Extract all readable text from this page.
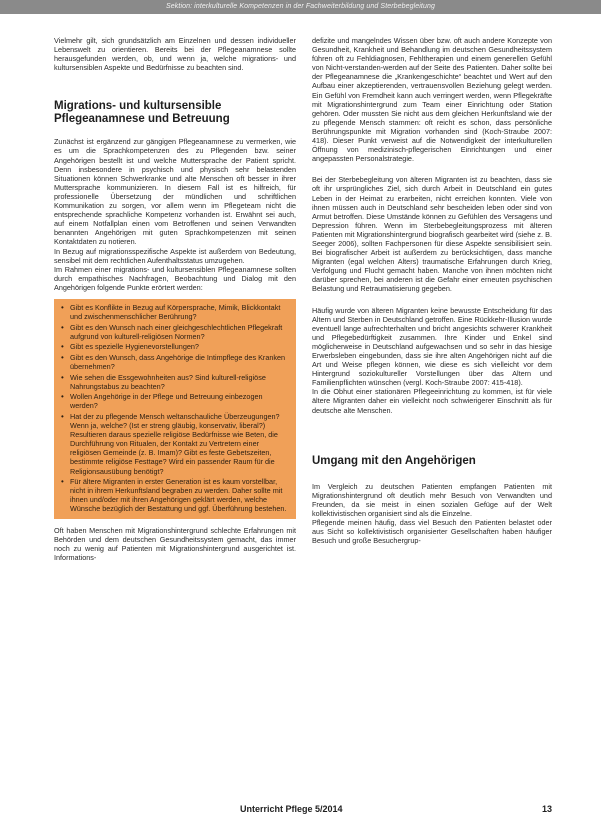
Sektion: interkulturelle Kompetenzen in der Fachweiterbildung und Sterbebegleitung

Vielmehr gilt, sich grundsätzlich am Einzelnen und dessen individueller Lebenswelt zu orientieren. Bereits bei der Pflegeanamnese sollte herausgefunden werden, ob, und wenn ja, welche migrations- und kultursensiblen Aspekte und Bedürfnisse zu beachten sind.

Migrations- und kultursensible Pflegeanamnese und Betreuung

Zunächst ist ergänzend zur gängigen Pflegeanamnese zu vermerken, wie es um die Sprachkompetenzen des zu Pflegenden bzw. seiner Angehörigen bestellt ist und welche Muttersprache der Patient spricht. Denn insbesondere in psychisch und physisch sehr belastenden Situationen können Schwerkranke und alte Menschen oft besser in ihrer Muttersprache kommunizieren. In diesem Fall ist es hilfreich, für professionelle Übersetzung der mündlichen und schriftlichen Kommunikation zu sorgen, vor allem wenn im Pflegeteam nicht die entsprechende sprachliche Kompetenz vorhanden ist. Erwähnt sei auch, auf einem Notfallplan einen vom Betroffenen und seinen Verwandten benannten Angehörigen mit guten Sprachkompetenzen mit seinen Kontaktdaten zu notieren.

In Bezug auf migrationsspezifische Aspekte ist außerdem von Bedeutung, sensibel mit dem rechtlichen Aufenthaltsstatus umzugehen.

Im Rahmen einer migrations- und kultursensiblen Pflegeanamnese sollten durch empathisches Nachfragen, Beobachtung und Dialog mit den Angehörigen folgende Punkte erörtert werden:

• Gibt es Konflikte in Bezug auf Körpersprache, Mimik, Blickkontakt und zwischenmenschlicher Berührung?
• Gibt es den Wunsch nach einer gleichgeschlechtlichen Pflegekraft aufgrund von kulturell-religiösen Normen?
• Gibt es spezielle Hygienevorstellungen?
• Gibt es den Wunsch, dass Angehörige die Intimpflege des Kranken übernehmen?
• Wie sehen die Essgewohnheiten aus? Sind kulturell-religiöse Nahrungstabus zu beachten?
• Wollen Angehörige in der Pflege und Betreuung einbezogen werden?
• Hat der zu pflegende Mensch weltanschauliche Überzeugungen? Wenn ja, welche? (Ist er streng gläubig, konservativ, liberal?) Resultieren daraus spezielle religiöse Bedürfnisse wie Beten, die Durchführung von Ritualen, der Kontakt zu Vertretern einer religiösen Gemeinde (z. B. Imam)? Gibt es feste Gebetszeiten, bestimmte religiöse Festtage? Wird ein passender Raum für die Religionsausübung benötigt?
• Für ältere Migranten in erster Generation ist es kaum vorstellbar, nicht in ihrem Herkunftsland begraben zu werden. Daher sollte mit ihnen und/oder mit ihren Angehörigen geklärt werden, welche Wünsche bezüglich der Bestattung und ggf. Überführung bestehen.

Oft haben Menschen mit Migrationshintergrund schlechte Erfahrungen mit Behörden und dem deutschen Gesundheitssystem gemacht, das immer noch zu wenig auf Patienten mit Migrationshintergrund ausgerichtet ist. Informations-

defizite und mangelndes Wissen über bzw. oft auch andere Konzepte von Gesundheit, Krankheit und Behandlung im deutschen Gesundheitssystem führen oft zu Fehldiagnosen, Fehltherapien und einem generellen Gefühl von Nicht-verstanden-werden auf der Seite des Patienten. Daher sollte bei der Pflegeanamnese die „Krankengeschichte“ beachtet und Wert auf den Aufbau einer akzeptierenden, vertrauensvollen Beziehung gelegt werden. Ein Gefühl von Fremdheit kann auch verringert werden, wenn Pflegekräfte mit Migrationshintergrund zum Team einer Einrichtung oder Station gehören. Oder mussten Sie nicht aus dem gleichen Herkunftsland wie der zu pflegende Mensch stammen: oft reicht es schon, dass persönliche Berührungspunkte mit Migration vorhanden sind (Koch-Straube 2007: 418). Dieser Punkt verweist auf die Notwendigkeit der interkulturellen Öffnung von medizinisch-pflegerischen Einrichtungen und einer angepassten Personalstrategie.

Bei der Sterbebegleitung von älteren Migranten ist zu beachten, dass sie oft ihr ursprüngliches Ziel, sich durch Arbeit in Deutschland ein gutes Leben in der Heimat zu erarbeiten, nicht erreichen konnten. Viele von ihnen müssen auch in Deutschland sehr bescheiden leben oder sind von Armut betroffen. Diese Umstände können zu Gefühlen des Versagens und Depression führen. Wenn im Sterbebegleitungsprozess mit älteren Patienten mit Migrationshintergrund biografisch gearbeitet wird (siehe z. B. Seeger 2006), sollten Fachpersonen für diese Aspekte sensibilisiert sein. Bei biografischer Arbeit ist außerdem zu berücksichtigen, dass manche Migranten (egal welchen Alters) traumatische Erfahrungen durch Krieg, Verfolgung und Flucht gemacht haben. Manche von ihnen möchten nicht darüber sprechen, bei anderen ist die Gefahr einer erneuten psychischen Belastung und Retraumatisierung gegeben.

Häufig wurde von älteren Migranten keine bewusste Entscheidung für das Altern und Sterben in Deutschland getroffen. Eine Rückkehr-Illusion wurde eventuell lange aufrechterhalten und bricht angesichts schwerer Krankheit und Pflegebedürftigkeit zusammen. Ihre Kinder und Enkel sind möglicherweise in Deutschland aufgewachsen und so sehr in das hiesige Erwerbsleben eingebunden, dass sie ihre alten Angehörigen nicht auf die Art und Weise pflegen können, wie diese es sich vielleicht vor dem Hintergrund soziokultureller Vorstellungen über das Altern und Familienpflichten wünschen (vergl. Koch-Straube 2007: 415-418).

In die Obhut einer stationären Pflegeeinrichtung zu kommen, ist für viele ältere Migranten daher ein vielleicht noch schwierigerer Einschnitt als für deutsche alte Menschen.

Umgang mit den Angehörigen

Im Vergleich zu deutschen Patienten empfangen Patienten mit Migrationshintergrund oft deutlich mehr Besuch von Verwandten und Freunden, da sie meist in einen sozialen Gefüge auf der Welt kollektivistischen organisiert sind als die Einzelne.

Pflegende meinen häufig, dass viel Besuch den Patienten belastet oder aus Sicht so kollektivistisch organisierter Gesellschaften haben häufiger Besuch und große Besuchergrup-

Unterricht Pflege 5/2014	13
